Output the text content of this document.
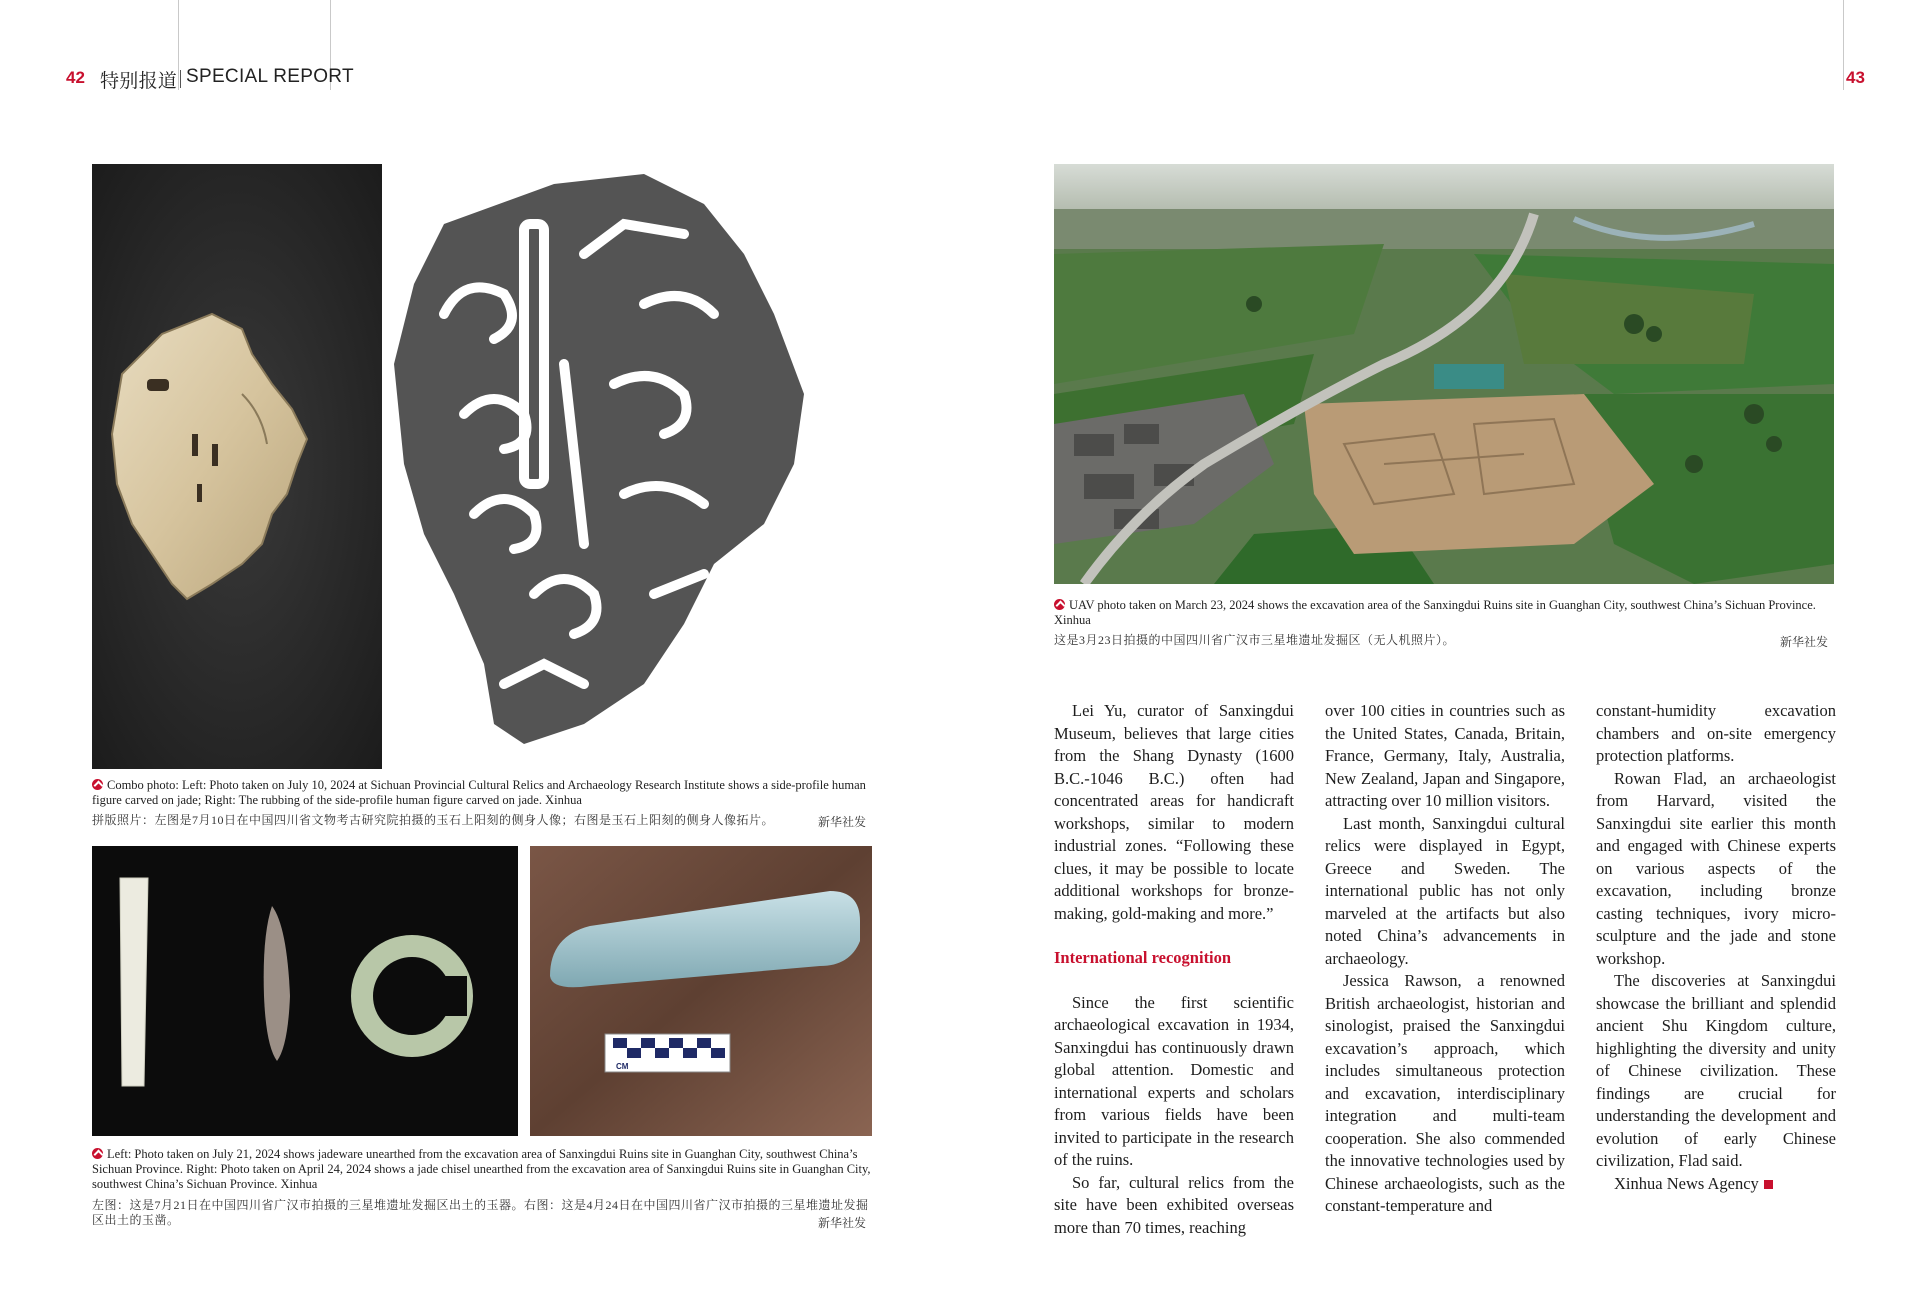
42 特别报道 SPECIAL REPORT	43
Combo photo: Left: Photo taken on July 10, 2024 at Sichuan Provincial Cultural Relics and Archaeology Research Institute shows a side-profile human figure carved on jade; Right: The rubbing of the side-profile human figure carved on jade. Xinhua
拼版照片：左图是7月10日在中国四川省文物考古研究院拍摄的玉石上阳刻的侧身人像；右图是玉石上阳刻的侧身人像拓片。	新华社发
CM
Left: Photo taken on July 21, 2024 shows jadeware unearthed from the excavation area of Sanxingdui Ruins site in Guanghan City, southwest China’s Sichuan Province. Right: Photo taken on April 24, 2024 shows a jade chisel unearthed from the excavation area of Sanxingdui Ruins site in Guanghan City, southwest China’s Sichuan Province. Xinhua
左图：这是7月21日在中国四川省广汉市拍摄的三星堆遗址发掘区出土的玉器。右图：这是4月24日在中国四川省广汉市拍摄的三星堆遗址发掘区出土的玉凿。	新华社发
UAV photo taken on March 23, 2024 shows the excavation area of the Sanxingdui Ruins site in Guanghan City, southwest China’s Sichuan Province. Xinhua
这是3月23日拍摄的中国四川省广汉市三星堆遗址发掘区（无人机照片）。	新华社发

Lei Yu, curator of Sanxingdui Museum, believes that large cities from the Shang Dynasty (1600 B.C.-1046 B.C.) often had concentrated areas for handicraft workshops, similar to modern industrial zones. “Following these clues, it may be possible to locate additional workshops for bronze-making, gold-making and more.”

International recognition

Since the first scientific archaeological excavation in 1934, Sanxingdui has continuously drawn global attention. Domestic and international experts and scholars from various fields have been invited to participate in the research of the ruins.

So far, cultural relics from the site have been exhibited overseas more than 70 times, reaching

over 100 cities in countries such as the United States, Canada, Britain, France, Germany, Italy, Australia, New Zealand, Japan and Singapore, attracting over 10 million visitors.

Last month, Sanxingdui cultural relics were displayed in Egypt, Greece and Sweden. The international public has not only marveled at the artifacts but also noted China’s advancements in archaeology.

Jessica Rawson, a renowned British archaeologist, historian and sinologist, praised the Sanxingdui excavation’s approach, which includes simultaneous protection and excavation, interdisciplinary integration and multi-team cooperation. She also commended the innovative technologies used by Chinese archaeologists, such as the constant-temperature and

constant-humidity excavation chambers and on-site emergency protection platforms.

Rowan Flad, an archaeologist from Harvard, visited the Sanxingdui site earlier this month and engaged with Chinese experts on various aspects of the excavation, including bronze casting techniques, ivory micro-sculpture and the jade and stone workshop.

The discoveries at Sanxingdui showcase the brilliant and splendid ancient Shu Kingdom culture, highlighting the diversity and unity of Chinese civilization. These findings are crucial for understanding the development and evolution of early Chinese civilization, Flad said.

Xinhua News Agency
